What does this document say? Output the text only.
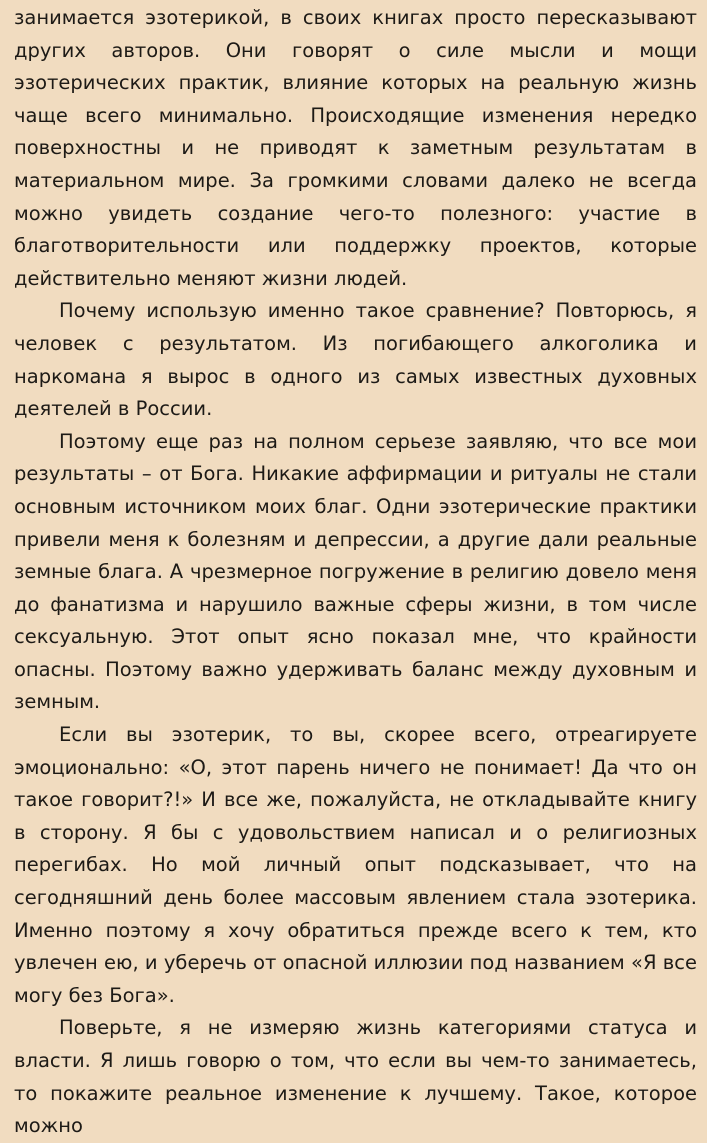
занимается эзотерикой, в своих книгах просто пересказывают других авторов. Они говорят о силе мысли и мощи эзотерических практик, влияние которых на реальную жизнь чаще всего минимально. Происходящие изменения нередко поверхностны и не приводят к заметным результатам в материальном мире. За громкими словами далеко не всегда можно увидеть создание чего-то полезного: участие в благотворительности или поддержку проектов, которые действительно меняют жизни людей.

Почему использую именно такое сравнение? Повторюсь, я человек с результатом. Из погибающего алкоголика и наркомана я вырос в одного из самых известных духовных деятелей в России.

Поэтому еще раз на полном серьезе заявляю, что все мои результаты – от Бога. Никакие аффирмации и ритуалы не стали основным источником моих благ. Одни эзотерические практики привели меня к болезням и депрессии, а другие дали реальные земные блага. А чрезмерное погружение в религию довело меня до фанатизма и нарушило важные сферы жизни, в том числе сексуальную. Этот опыт ясно показал мне, что крайности опасны. Поэтому важно удерживать баланс между духовным и земным.

Если вы эзотерик, то вы, скорее всего, отреагируете эмоционально: «О, этот парень ничего не понимает! Да что он такое говорит?!» И все же, пожалуйста, не откладывайте книгу в сторону. Я бы с удовольствием написал и о религиозных перегибах. Но мой личный опыт подсказывает, что на сегодняшний день более массовым явлением стала эзотерика. Именно поэтому я хочу обратиться прежде всего к тем, кто увлечен ею, и уберечь от опасной иллюзии под названием «Я все могу без Бога».

Поверьте, я не измеряю жизнь категориями статуса и власти. Я лишь говорю о том, что если вы чем-то занимаетесь, то покажите реальное изменение к лучшему. Такое, которое можно
